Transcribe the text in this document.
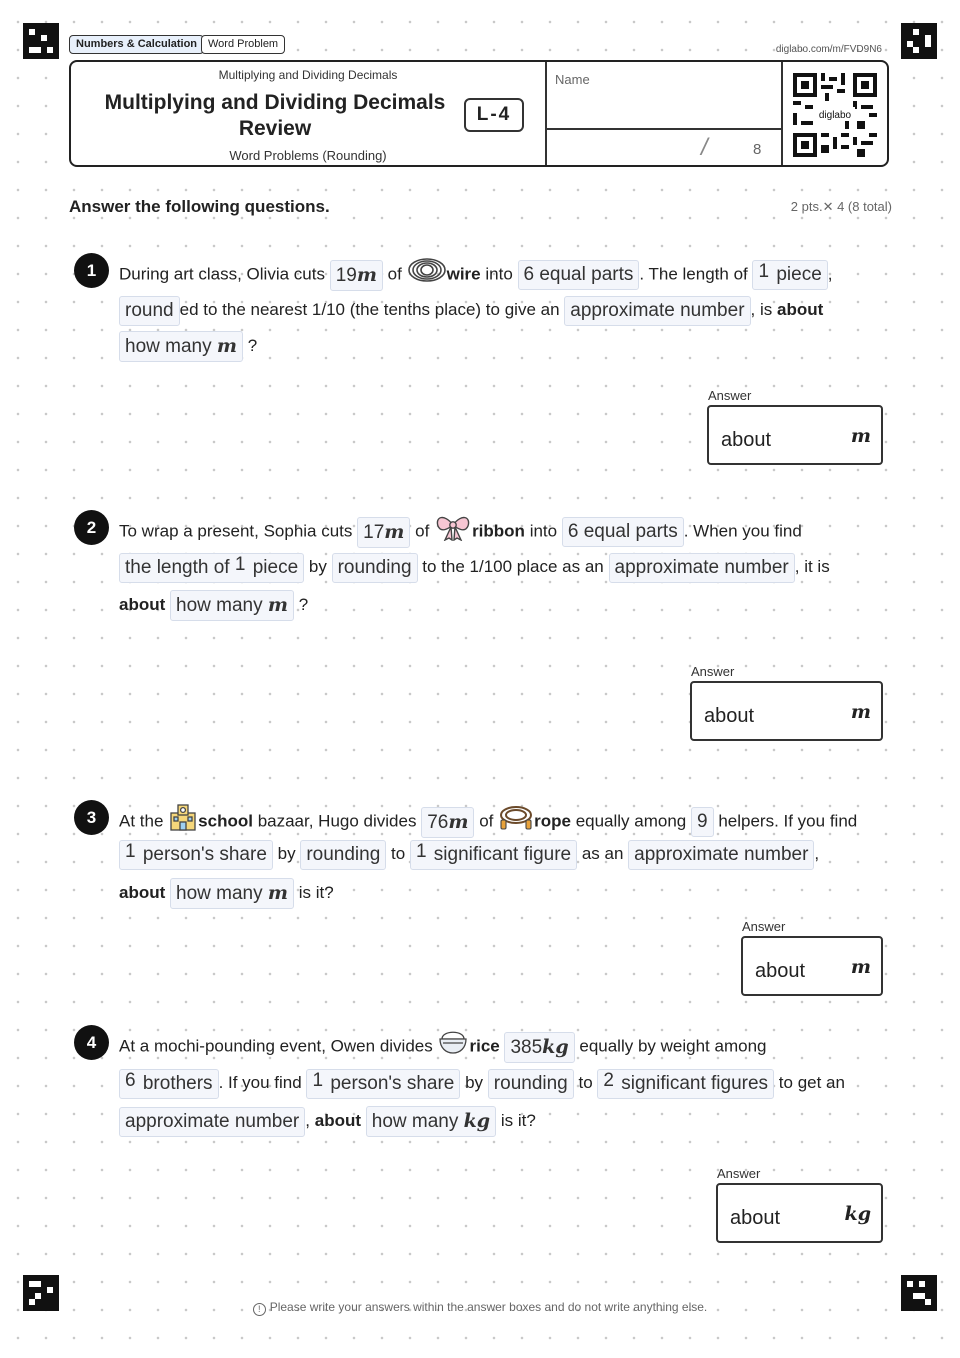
Numbers & Calculation Word Problem	diglabo.com/m/FVD9N6
Multiplying and Dividing Decimals
Multiplying and Dividing Decimals Review
Word Problems (Rounding)
L-4
Name
/	8
diglabo
Answer the following questions.	2 pts.✕ 4 (8 total)
1	During art class, Olivia cuts 19m of	wire into 6 equal parts . The length of 1 piece ,
round ed to the nearest 1/10 (the tenths place) to give an approximate number , is about
how many m ?
Answer
about	m
2	To wrap a present, Sophia cuts 17m of	ribbon into 6 equal parts . When you find
the length of 1 piece by rounding to the 1/100 place as an approximate number , it is
about how many m ?
Answer
about	m
3	At the school bazaar, Hugo divides 76m of rope equally among 9 helpers. If you find
1 person's share by rounding to 1 significant figure as an approximate number ,
about how many m is it?
Answer
about m
4	At a mochi-pounding event, Owen divides rice 385kg equally by weight among
6 brothers . If you find 1 person's share by rounding to 2 significant figures to get an
approximate number , about how many kg is it?
Answer
about	kg
! Please write your answers within the answer boxes and do not write anything else.
